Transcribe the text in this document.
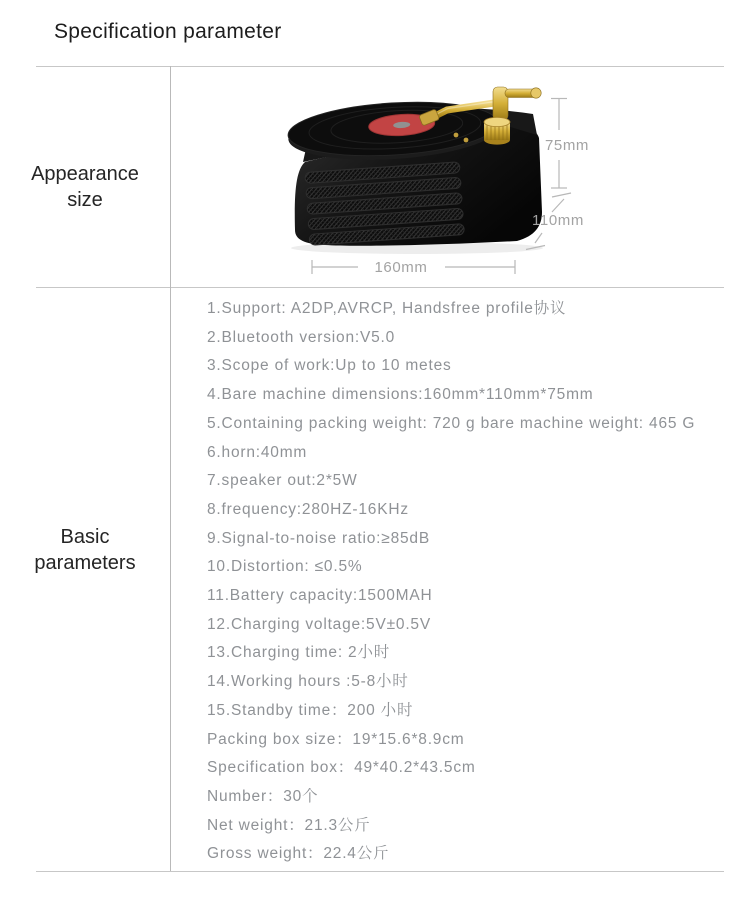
Specification parameter
Appearance
size
Basic
parameters
75mm
110mm
160mm
1.Support: A2DP,AVRCP, Handsfree profile协议
2.Bluetooth version:V5.0
3.Scope of work:Up to 10 metes
4.Bare machine dimensions:160mm*110mm*75mm
5.Containing packing weight: 720 g bare machine weight: 465 G
6.horn:40mm
7.speaker out:2*5W
8.frequency:280HZ-16KHz
9.Signal-to-noise ratio:≥85dB
10.Distortion: ≤0.5%
11.Battery capacity:1500MAH
12.Charging voltage:5V±0.5V
13.Charging time: 2小时
14.Working hours :5-8小时
15.Standby time：200 小时
Packing box size：19*15.6*8.9cm
Specification box：49*40.2*43.5cm
Number：30个
Net weight：21.3公斤
Gross weight：22.4公斤
